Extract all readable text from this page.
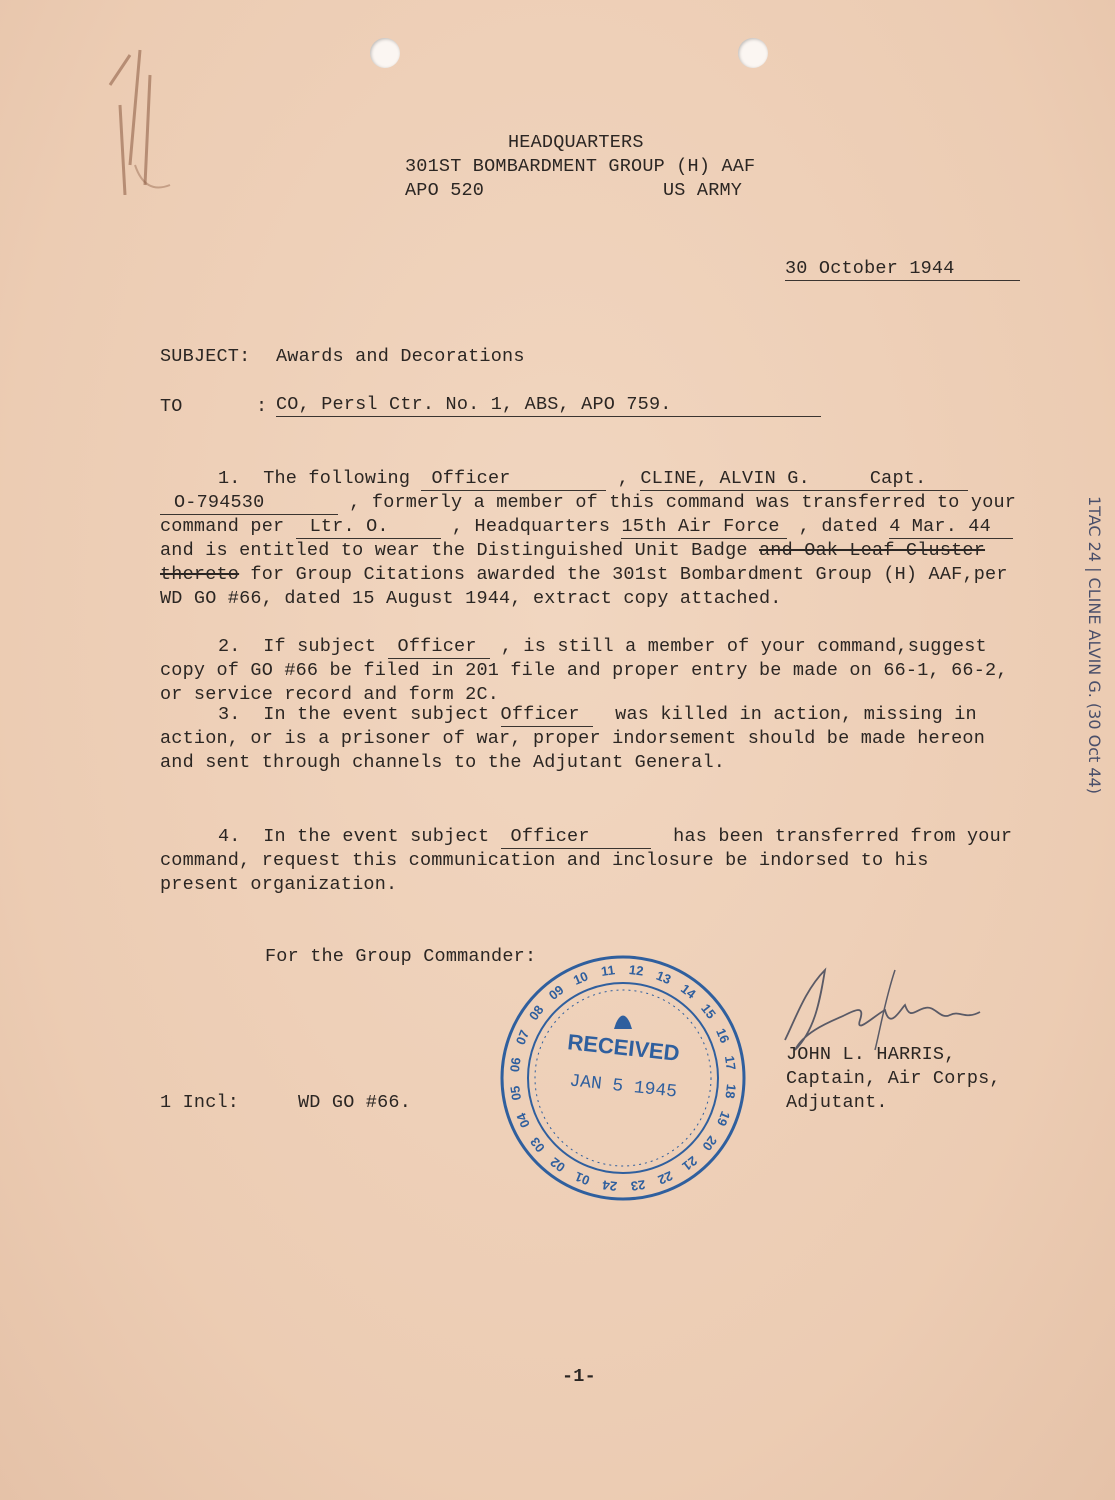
HEADQUARTERS
301ST BOMBARDMENT GROUP (H) AAF
APO 520	US ARMY
30 October 1944
SUBJECT: Awards and Decorations
TO	: CO, Persl Ctr. No. 1, ABS, APO 759.
1.  The following Officer	, CLINE, ALVIN G.	Capt.
O-794530	, formerly a member of this command was transferred to your
command per Ltr. O.	, Headquarters 15th Air Force , dated 4 Mar. 44
and is entitled to wear the Distinguished Unit Badge and Oak Leaf Cluster
thereto for Group Citations awarded the 301st Bombardment Group (H) AAF,per
WD GO #66, dated 15 August 1944, extract copy attached.
2.  If subject Officer , is still a member of your command,suggest
copy of GO #66 be filed in 201 file and proper entry be made on 66-1, 66-2,
or service record and form 2C.
3.  In the event subject Officer  was killed in action, missing in
action, or is a prisoner of war, proper indorsement should be made hereon
and sent through channels to the Adjutant General.
4.  In the event subject Officer	has been transferred from your
command, request this communication and inclosure be indorsed to his
present organization.
For the Group Commander:
JOHN L. HARRIS,
Captain, Air Corps,
Adjutant.
1 Incl:	WD GO #66.
01
02
03
04
05
06
07
08
09
10 11 12 13
14
15
16
17
18
19
20
21
22
23
24
RECEIVED
JAN 5 1945
1TAC 24 | CLINE ALVIN G. (30 Oct 44)
-1-
